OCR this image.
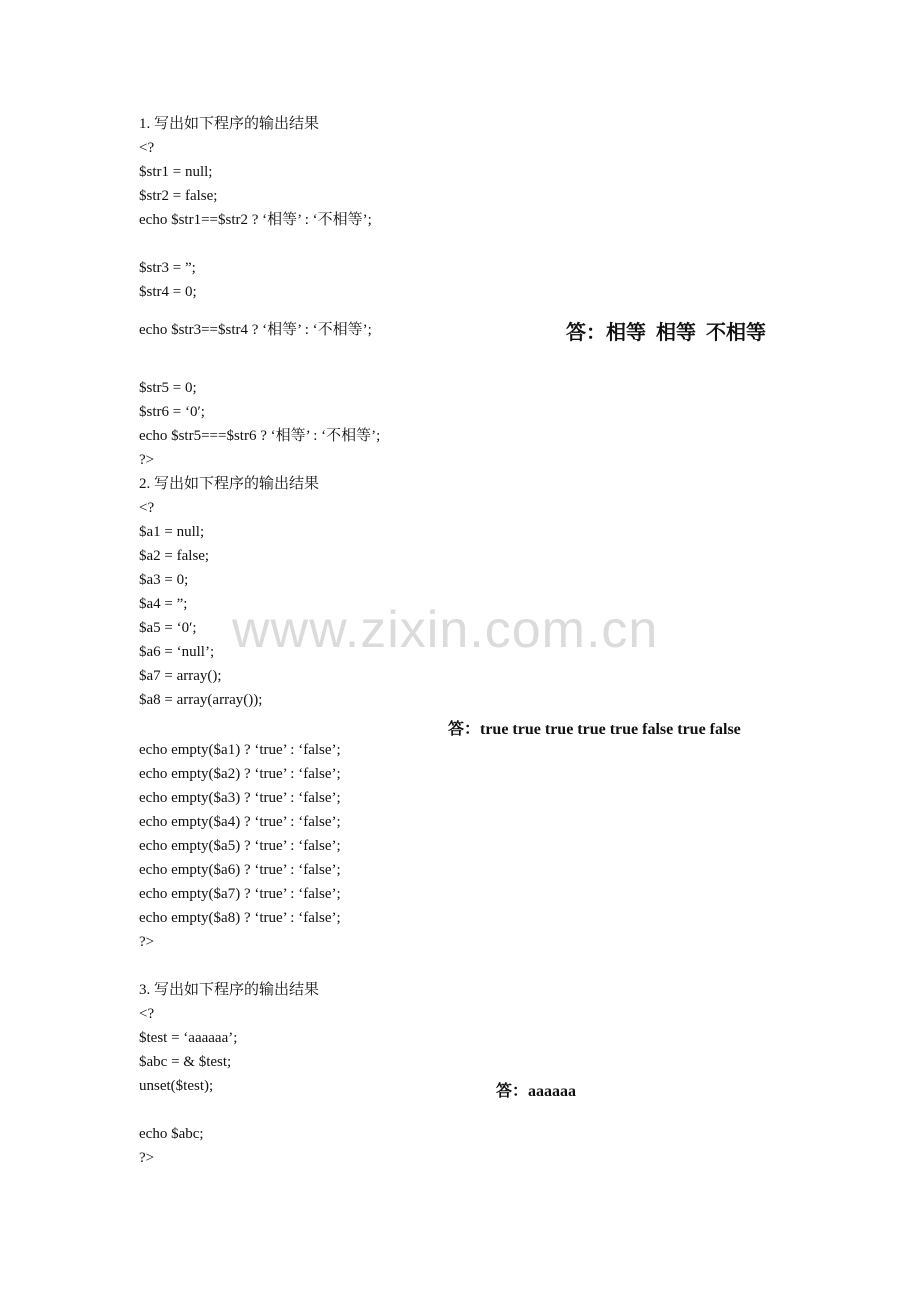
1. 写出如下程序的输出结果
<?
$str1 = null;
$str2 = false;
echo $str1==$str2 ? ‘相等’ : ‘不相等’;
$str3 = ”;
$str4 = 0;
echo $str3==$str4 ? ‘相等’ : ‘不相等’;	答：相等  相等  不相等
$str5 = 0;
$str6 = ‘0′;
echo $str5===$str6 ? ‘相等’ : ‘不相等’;
?>
2. 写出如下程序的输出结果
<?
$a1 = null;
$a2 = false;
$a3 = 0;
$a4 = ”;
$a5 = ‘0′;
$a6 = ‘null’;
$a7 = array();
$a8 = array(array());
答：true true true true true false true false
echo empty($a1) ? ‘true’ : ‘false’;
echo empty($a2) ? ‘true’ : ‘false’;
echo empty($a3) ? ‘true’ : ‘false’;
echo empty($a4) ? ‘true’ : ‘false’;
echo empty($a5) ? ‘true’ : ‘false’;
echo empty($a6) ? ‘true’ : ‘false’;
echo empty($a7) ? ‘true’ : ‘false’;
echo empty($a8) ? ‘true’ : ‘false’;
?>
3. 写出如下程序的输出结果
<?
$test = ‘aaaaaa’;
$abc = & $test;
unset($test);	答：aaaaaa
echo $abc;
?>
www.zixin.com.cn
